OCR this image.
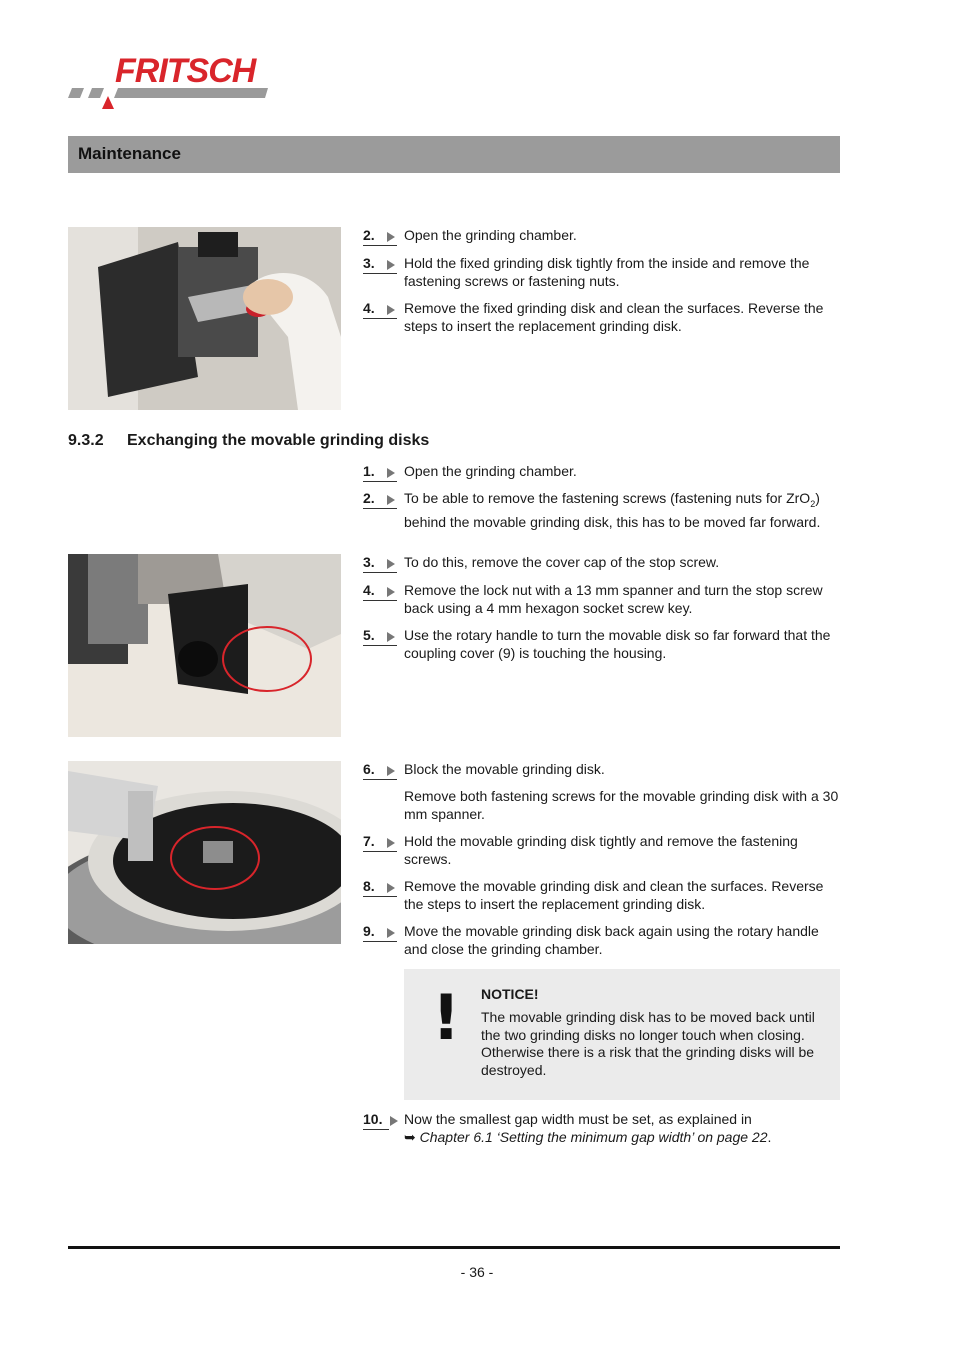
FRITSCH
Maintenance
2.	Open the grinding chamber.
3.	Hold the fixed grinding disk tightly from the inside and remove the fastening screws or fastening nuts.
4.	Remove the fixed grinding disk and clean the surfaces. Reverse the steps to insert the replacement grinding disk.
9.3.2 Exchanging the movable grinding disks
1.	Open the grinding chamber.
2.	To be able to remove the fastening screws (fastening nuts for ZrO$_2$) behind the movable grinding disk, this has to be moved far forward.
3.	To do this, remove the cover cap of the stop screw.
4.	Remove the lock nut with a 13 mm spanner and turn the stop screw back using a 4 mm hexagon socket screw key.
5.	Use the rotary handle to turn the movable disk so far forward that the coupling cover (9) is touching the housing.
6.	Block the movable grinding disk.
Remove both fastening screws for the movable grinding disk with a 30 mm spanner.
7.	Hold the movable grinding disk tightly and remove the fastening screws.
8.	Remove the movable grinding disk and clean the surfaces. Reverse the steps to insert the replacement grinding disk.
9.	Move the movable grinding disk back again using the rotary handle and close the grinding chamber.
! NOTICE!
The movable grinding disk has to be moved back until the two grinding disks no longer touch when closing. Otherwise there is a risk that the grinding disks will be destroyed.
10.	Now the smallest gap width must be set, as explained in
➥ Chapter 6.1 ‘Setting the minimum gap width’ on page 22.
- 36 -
